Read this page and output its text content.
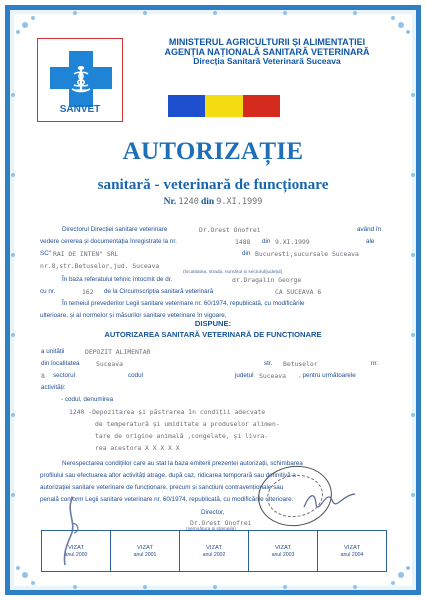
SANVET
MINISTERUL AGRICULTURII ȘI ALIMENTAȚIEI
AGENȚIA NAȚIONALĂ SANITARĂ VETERINARĂ
Direcția Sanitară Veterinară Suceava
AUTORIZAȚIE
sanitară - veterinară de funcționare
Nr. 1240 din 9.XI.1999
Directorul Direcției sanitare veterinare	Dr.Orest Onofrei	având în
vedere cererea și documentația înregistrate la nr.	1488 din 9.XI.1999	ale
SC" RAI DE INTEN" SRL	din Bucuresti,sucursale Suceava
nr.8,str.Betuselor,jud. Suceava
(localitatea, strada, numărul și sectorul/județul)
În baza referatului tehnic întocmit de dr.	dr.Dragalin George
cu nr.	162 de la Circumscripția sanitară veterinară	CA SUCEAVA 6
În temeiul prevederilor Legii sanitare veterinare nr. 60/1974, republicată, cu modificările
ulterioare, și al normelor și măsurilor sanitare veterinare în vigoare,
DISPUNE:
AUTORIZAREA SANITARĂ VETERINARĂ DE FUNCȚIONARE
a unității	DEPOZIT ALIMENTAR
din localitatea	Suceava	str. Betuselor	nr.
8 sectorul	codul	județul Suceava , pentru următoarele
activități:
- codul, denumirea
1240 -Depozitarea și păstrarea în condiții adecvate
de temperatură și umiditate a produselor alimen-
tare de origine animală ,congelate, și livra-
rea acestora X X X X X
Nerespectarea condițiilor care au stat la baza emiterii prezentei autorizații, schimbarea
profilului sau efectuarea altor activități atrage, după caz, ridicarea temporară sau definitivă a
autorizației sanitare veterinare de funcționare, precum și sancțiuni contravenționale sau
penală conform Legii sanitare veterinare nr. 60/1974, republicată, cu modificările ulterioare.
Director,
Dr.Orest Onofrei
(semnătura și ștampila)
VIZAT
anul 2000
VIZAT
anul 2001
VIZAT
anul 2002
VIZAT
anul 2003
VIZAT
anul 2004
